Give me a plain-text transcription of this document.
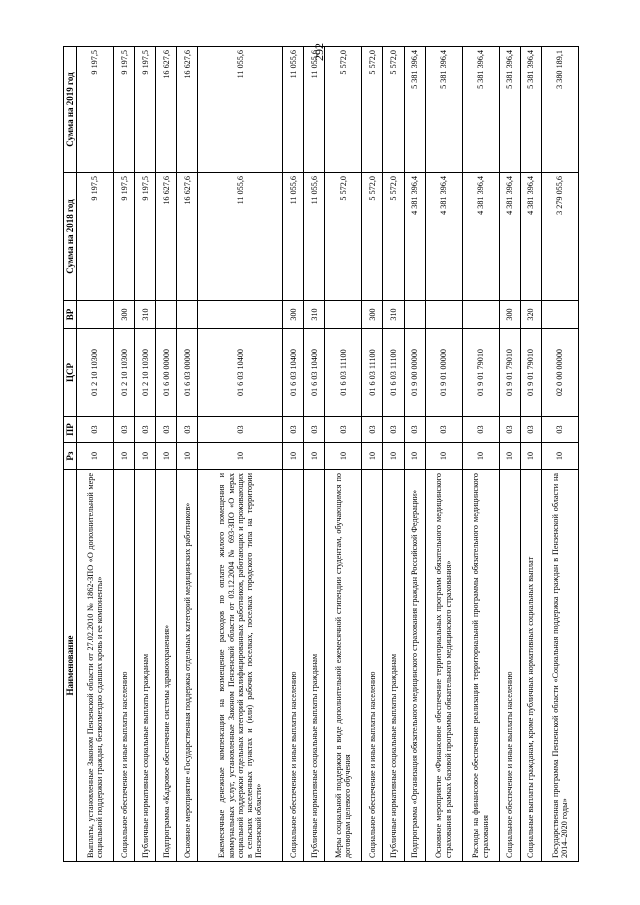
292
Наименование	Рз	ПР	ЦСР	ВР	Сумма на 2018 год	Сумма на 2019 год
Выплаты, установленные Законом Пензенской области от 27.02.2010 № 1862-ЗПО «О дополнительной мере социальной поддержки граждан, безвозмездно сдавших кровь и ее компоненты»	10	03	01 2 10 10300		9 197,5	9 197,5
Социальное обеспечение и иные выплаты населению	10	03	01 2 10 10300	300	9 197,5	9 197,5
Публичные нормативные социальные выплаты гражданам	10	03	01 2 10 10300	310	9 197,5	9 197,5
Подпрограмма «Кадровое обеспечение системы здравоохранения»	10	03	01 6 00 00000		16 627,6	16 627,6
Основное мероприятие «Государственная поддержка отдельных категорий медицинских работников»	10	03	01 6 03 00000		16 627,6	16 627,6
Ежемесячные денежные компенсации на возмещение расходов по оплате жилого помещения и коммунальных услуг, установленные Законом Пензенской области от 03.12.2004 № 693-ЗПО «О мерах социальной поддержки отдельных категорий квалифицированных работников, работающих и проживающих в сельских населенных пунктах и (или) рабочих поселках, поселках городского типа на территории Пензенской области»	10	03	01 6 03 10400		11 055,6	11 055,6
Социальное обеспечение и иные выплаты населению	10	03	01 6 03 10400	300	11 055,6	11 055,6
Публичные нормативные социальные выплаты гражданам	10	03	01 6 03 10400	310	11 055,6	11 055,6
Меры социальной поддержки в виде дополнительной ежемесячной стипендии студентам, обучающимся по договорам целевого обучения	10	03	01 6 03 11100		5 572,0	5 572,0
Социальное обеспечение и иные выплаты населению	10	03	01 6 03 11100	300	5 572,0	5 572,0
Публичные нормативные социальные выплаты гражданам	10	03	01 6 03 11100	310	5 572,0	5 572,0
Подпрограмма «Организация обязательного медицинского страхования граждан Российской Федерации»	10	03	01 9 00 00000		4 381 396,4	5 381 396,4
Основное мероприятие «Финансовое обеспечение территориальных программ обязательного медицинского страхования в рамках базовой программы обязательного медицинского страхования»	10	03	01 9 01 00000		4 381 396,4	5 381 396,4
Расходы на финансовое обеспечение реализации территориальной программы обязательного медицинского страхования	10	03	01 9 01 79010		4 381 396,4	5 381 396,4
Социальное обеспечение и иные выплаты населению	10	03	01 9 01 79010	300	4 381 396,4	5 381 396,4
Социальные выплаты гражданам, кроме публичных нормативных социальных выплат	10	03	01 9 01 79010	320	4 381 396,4	5 381 396,4
Государственная программа Пензенской области «Социальная поддержка граждан в Пензенской области на 2014–2020 годы»	10	03	02 0 00 00000		3 279 055,6	3 380 189,1
